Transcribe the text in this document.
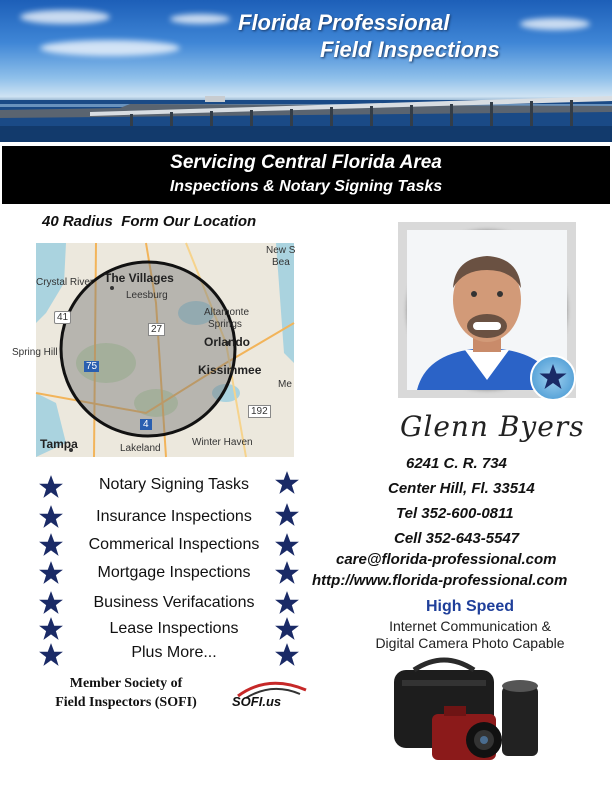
Florida Professional
Field Inspections
Servicing Central Florida Area
Inspections & Notary Signing Tasks
40 Radius  Form Our Location
Crystal River The Villages
Leesburg
Altamonte
Springs
Orlando
Spring Hill
Kissimmee
Tampa	Lakeland
Winter Haven
New S
Bea
Me
41
27
75
4
192
Notary Signing Tasks
Insurance Inspections
Commerical Inspections
Mortgage Inspections
Business Verifacations
Lease Inspections
Plus More...
Member Society of
Field Inspectors (SOFI)	SOFI.us
Glenn Byers
6241 C. R. 734
Center Hill, Fl. 33514
Tel 352-600-0811
Cell 352-643-5547
care@florida-professional.com
http://www.florida-professional.com
High Speed
Internet Communication &
Digital Camera Photo Capable
